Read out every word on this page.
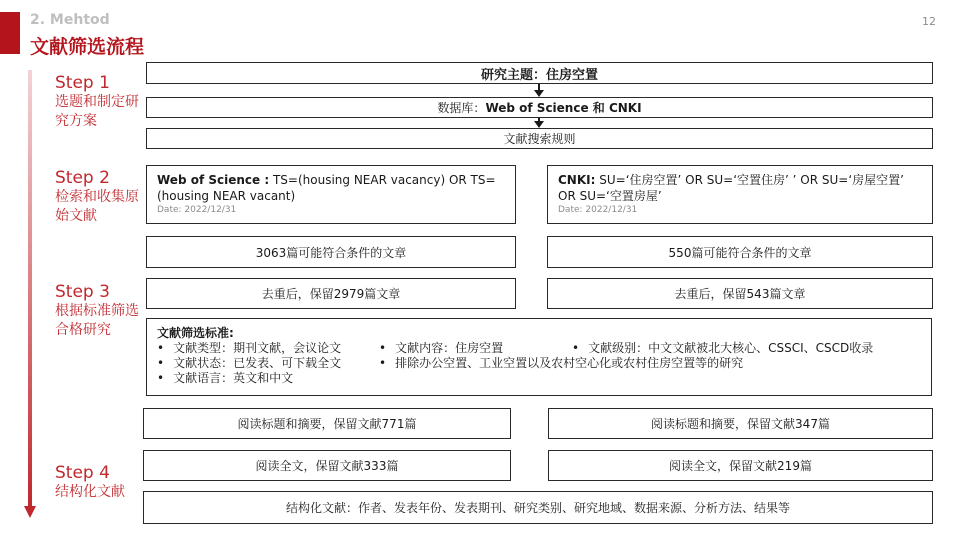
2. Mehtod
文献筛选流程
12
Step 1
选题和制定研究方案
Step 2
检索和收集原始文献
Step 3
根据标准筛选合格研究
Step 4
结构化文献
研究主题：住房空置
数据库： Web of Science 和 CNKI
文献搜索规则
Web of Science : TS=(housing NEAR vacancy) OR TS=(housing NEAR vacant)
Date: 2022/12/31
CNKI: SU=‘住房空置’ OR SU=‘空置住房’ ’ OR SU=‘房屋空置’ OR SU=‘空置房屋’
Date: 2022/12/31
3063篇可能符合条件的文章	550篇可能符合条件的文章
去重后，保留2979篇文章	去重后，保留543篇文章
文献筛选标准:
• 文献类型：期刊文献，会议论文	• 文献内容：住房空置	• 文献级别：中文文献被北大核心、CSSCI、CSCD收录
• 文献状态：已发表、可下载全文	• 排除办公空置、工业空置以及农村空心化或农村住房空置等的研究
• 文献语言：英文和中文
阅读标题和摘要，保留文献771篇	阅读标题和摘要，保留文献347篇
阅读全文，保留文献333篇	阅读全文，保留文献219篇
结构化文献：作者、发表年份、发表期刊、研究类别、研究地域、数据来源、分析方法、结果等
